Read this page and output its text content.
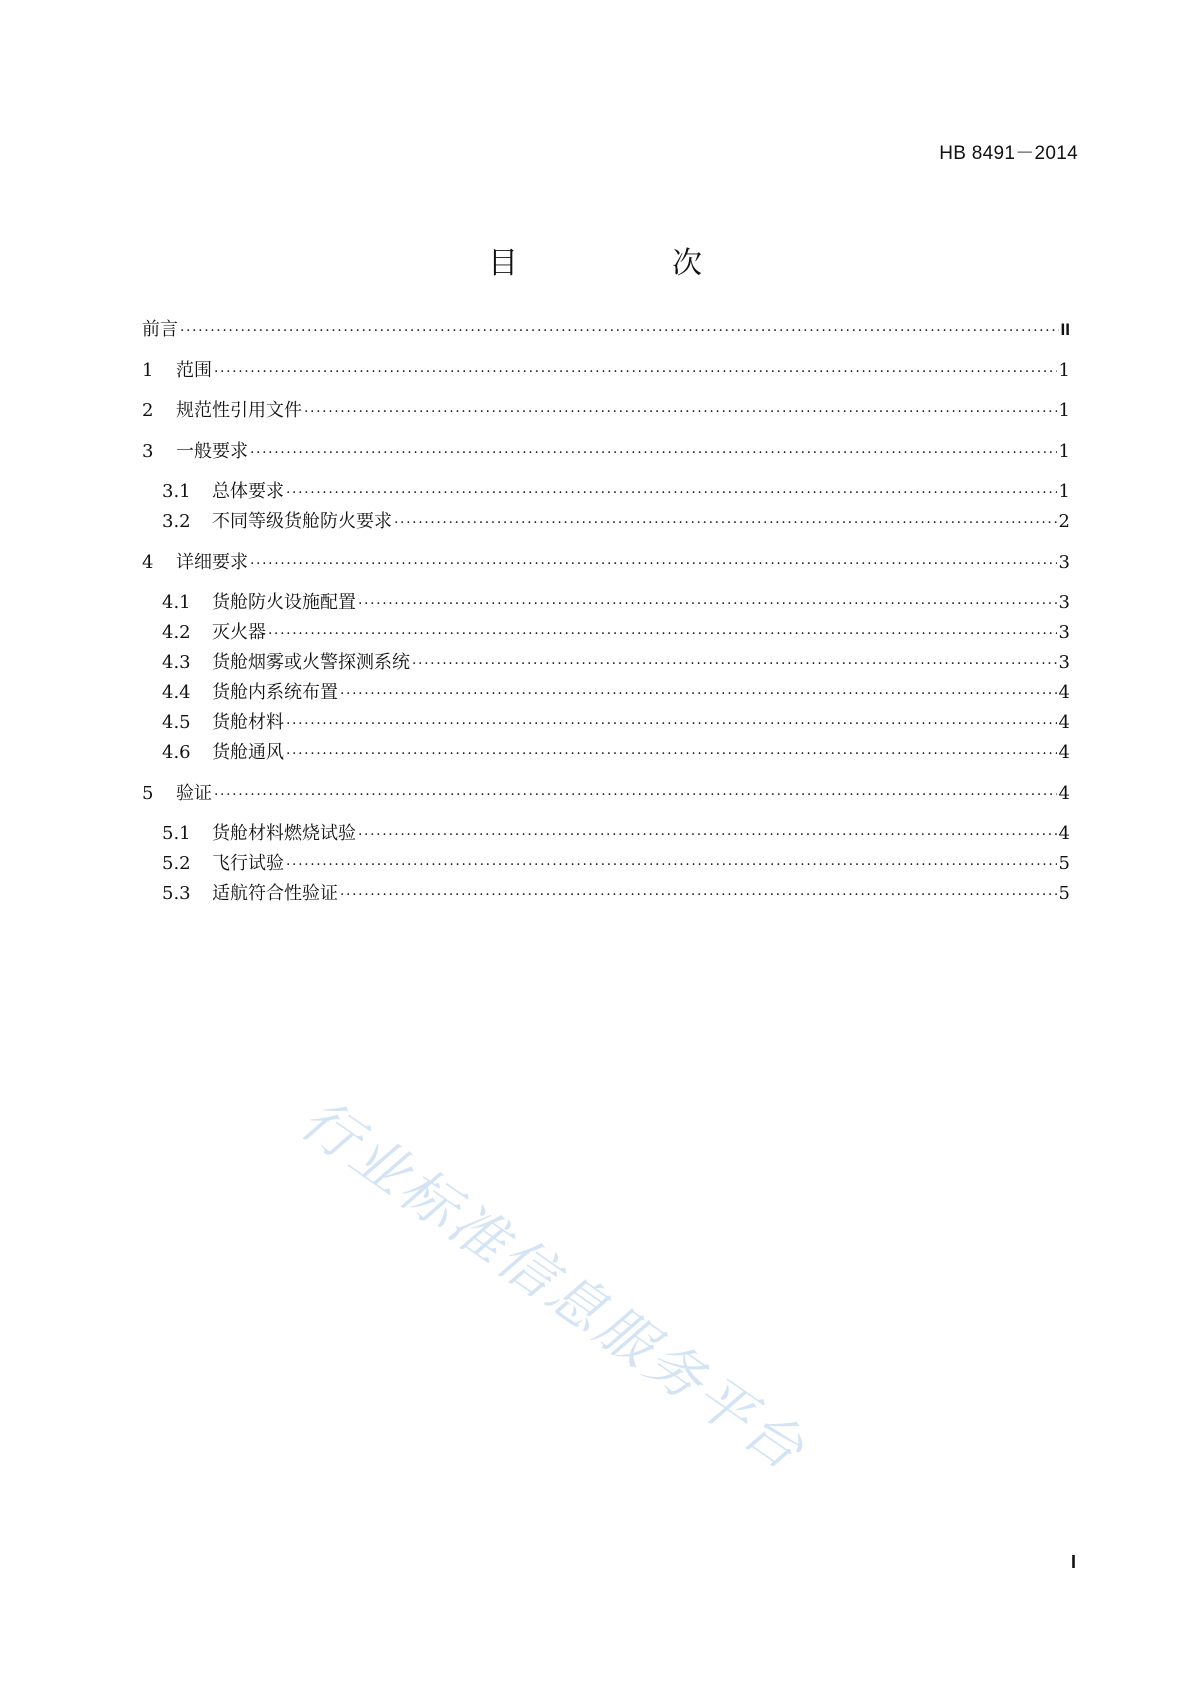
HB 8491－2014
目　次
前言 ·····	II
1	范围 ·····	1
2	规范性引用文件 ·····	1
3	一般要求 ·····	1
3.1	总体要求 ·····	1
3.2	不同等级货舱防火要求 ·····	2
4	详细要求 ·····	3
4.1	货舱防火设施配置 ·····	3
4.2	灭火器 ·····	3
4.3	货舱烟雾或火警探测系统 ·····	3
4.4	货舱内系统布置 ·····	4
4.5	货舱材料 ·····	4
4.6	货舱通风 ·····	4
5	验证 ·····	4
5.1	货舱材料燃烧试验 ·····	4
5.2	飞行试验 ·····	5
5.3	适航符合性验证 ·····	5
行业标准信息服务平台
I
